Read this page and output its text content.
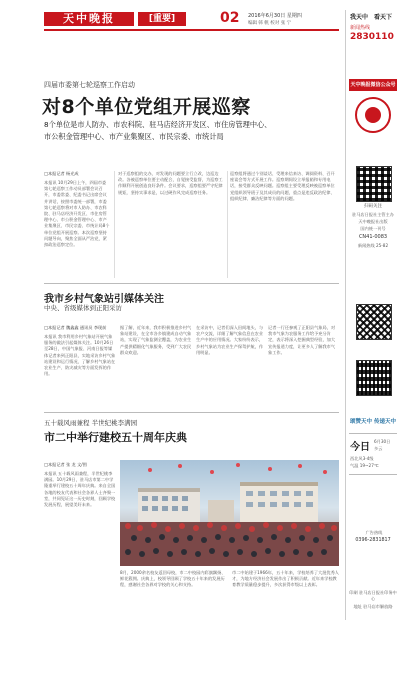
天中晚报	[重要]	02 2016年6月30日 星期四
编辑 韩 帆 校对 张 宁
四届市委第七轮巡察工作启动
对8个单位党组开展巡察
8个单位是市人防办、市农科院、驻马店经济开发区、市住房管理中心、
市公积金管理中心、市产业集聚区、市民宗委、市统计局
□本报记者 杨光成
本报讯 10月29日上午，四届市委第七轮巡察工作动员部署会议召开，市委常委、纪委书记出席会议并讲话，按照市委统一部署，市委第七轮巡察将对市人防办、市农科院、驻马店经济开发区、市住房管理中心、市公积金管理中心、市产业集聚区、市民宗委、市统计局8个单位党组开展巡察。本次巡察坚持问题导向，聚焦全面从严治党，紧扣政治巡察定位。
对于巡察组的交办，对发现的问题要立行立改，边巡边改。各被巡察单位要主动配合，自觉接受监督，为巡察工作顺利开展创造良好条件。会议要求，巡察组要严守纪律规矩，坚持实事求是，以过硬作风完成巡察任务。
巡察组将通过个别谈话、受理来信来访、调阅资料、召开座谈会等方式开展工作。巡察期间设立举报箱和专用电话，接受群众反映问题。巡察组主要受理反映被巡察单位党组织领导班子及其成员的问题，重点是违反政治纪律、组织纪律、廉洁纪律等方面的问题。
我市乡村气象站引媒体关注
中央、省级媒体到正阳采访
□本报记者 魏鑫鑫 通讯员 李现前
本报讯 我市利用乡村气象站开展气象服务的做法引起媒体关注。10月26日至28日，中国气象报、河南日报等媒体记者来到正阳县，实地采访乡村气象站建设和运行情况，了解乡村气象站在农业生产、防灾减灾等方面发挥的作用。
据了解，近年来，我市积极推进乡村气象站建设，在全市各乡镇建成自动气象站，实现了气象监测全覆盖，为农业生产提供精细化气象服务，受到广大农民群众欢迎。
在采访中，记者们深入田间地头，与农户交流，详细了解气象信息在农业生产中的应用情况。大家纷纷表示，乡村气象站为农业生产保驾护航，作用明显。
记者一行还参观了正阳县气象局，对我市气象为农服务工作给予充分肯定，表示将深入挖掘典型经验，加大宣传报道力度，让更多人了解我市气象工作。
五十载风雨兼程 半世纪桃李满园
市二中举行建校五十周年庆典
□本报记者 张 龙 文/图
本报讯 五十载风雨兼程，半世纪桃李满园。10月29日，驻马店市第二中学隆重举行建校五十周年庆典。来自全国各地的校友代表和社会各界人士齐聚一堂，共同见证这一历史时刻，回顾学校发展历程，展望美好未来。
8月，2000余名校友返回母校，市二中校园内彩旗飘扬、鲜花簇拥。庆典上，校领导回顾了学校五十年来的发展历程，感谢社会各界对学校的关心和支持。
市二中始建于1966年，五十年来，学校培养了大批优秀人才，为地方经济社会发展作出了积极贡献。近年来学校教育教学质量稳步提升，多次获得市级以上表彰。
我天中 看天下
新闻热线
2830110
天中晚报微信公众号
扫码关注
驻马店日报社主管主办
天中晚报社出版
国内统一刊号
CN41-0083
新闻热线 25-82
颂赞天中 传递天中
今日
6月30日
多云
西北风3-4级
气温 19~27℃
广告热线
0396-2831817
印刷 驻马店日报社印务中心
地址 驻马店市解放路
